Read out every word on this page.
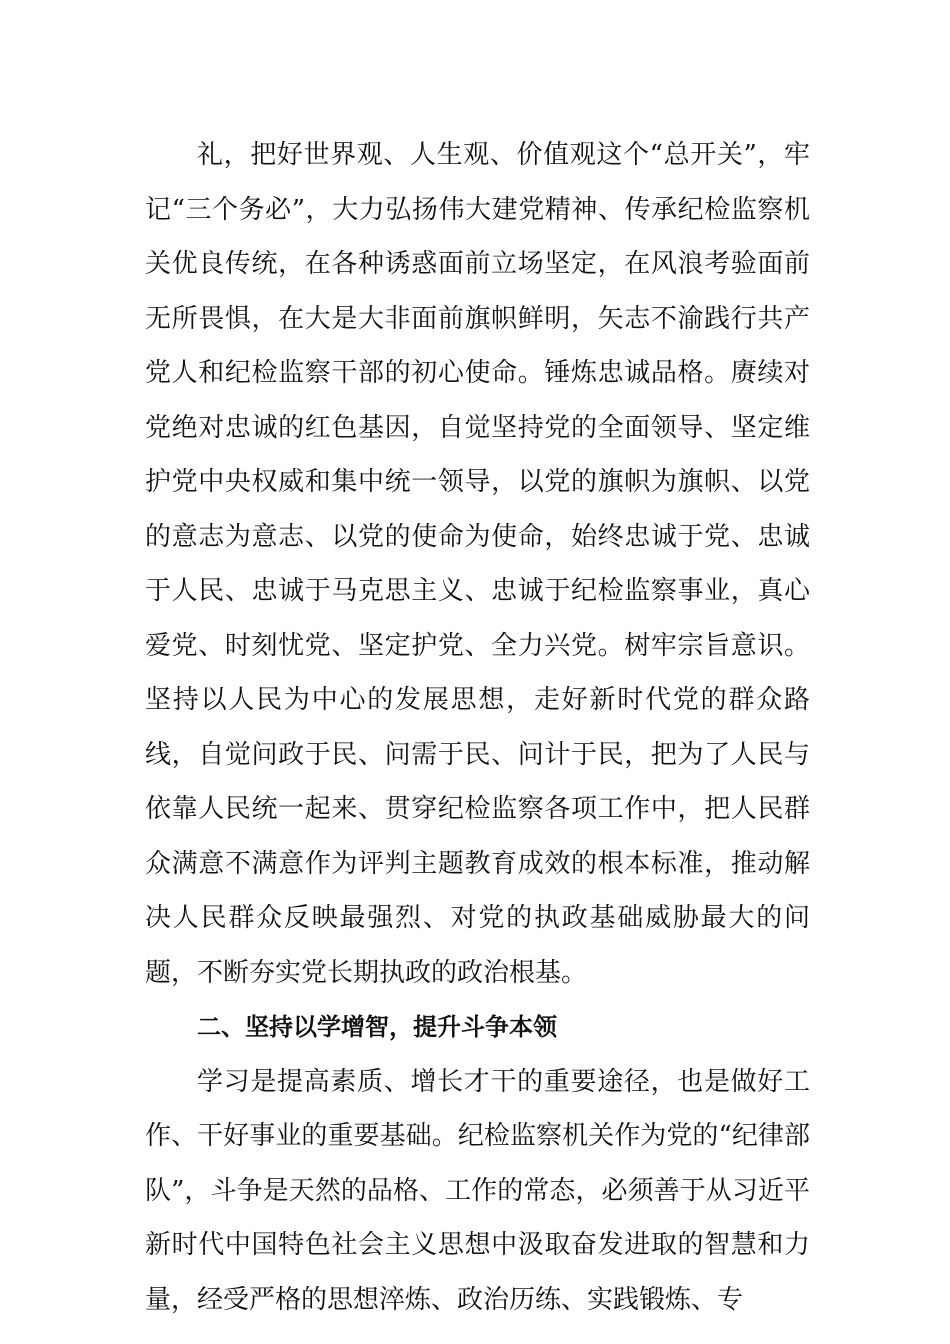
礼，把好世界观、人生观、价值观这个“总开关”，牢记“三个务必”，大力弘扬伟大建党精神、传承纪检监察机关优良传统，在各种诱惑面前立场坚定，在风浪考验面前无所畏惧，在大是大非面前旗帜鲜明，矢志不渝践行共产党人和纪检监察干部的初心使命。锤炼忠诚品格。赓续对党绝对忠诚的红色基因，自觉坚持党的全面领导、坚定维护党中央权威和集中统一领导，以党的旗帜为旗帜、以党的意志为意志、以党的使命为使命，始终忠诚于党、忠诚于人民、忠诚于马克思主义、忠诚于纪检监察事业，真心爱党、时刻忧党、坚定护党、全力兴党。树牢宗旨意识。坚持以人民为中心的发展思想，走好新时代党的群众路线，自觉问政于民、问需于民、问计于民，把为了人民与依靠人民统一起来、贯穿纪检监察各项工作中，把人民群众满意不满意作为评判主题教育成效的根本标准，推动解决人民群众反映最强烈、对党的执政基础威胁最大的问题，不断夯实党长期执政的政治根基。

二、坚持以学增智，提升斗争本领

学习是提高素质、增长才干的重要途径，也是做好工作、干好事业的重要基础。纪检监察机关作为党的“纪律部队”，斗争是天然的品格、工作的常态，必须善于从习近平新时代中国特色社会主义思想中汲取奋发进取的智慧和力量，经受严格的思想淬炼、政治历练、实践锻炼、专
